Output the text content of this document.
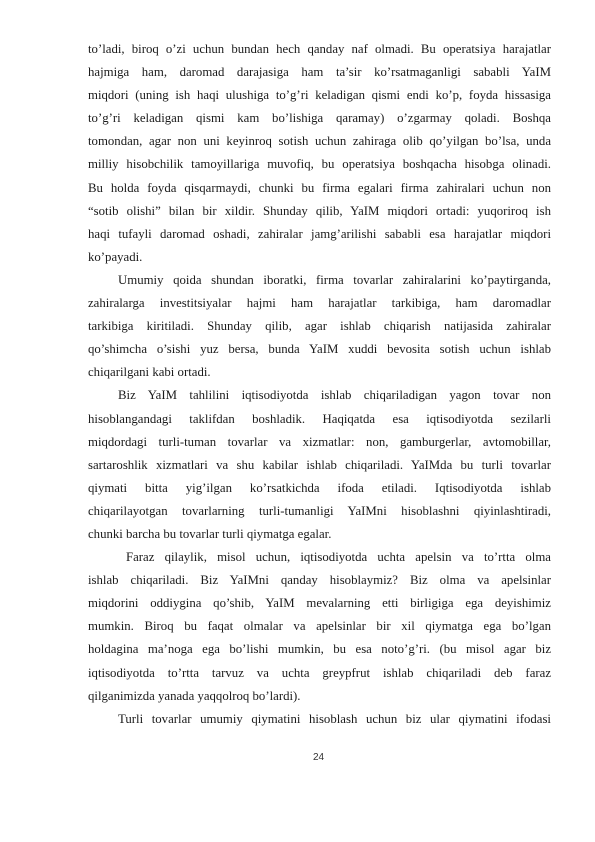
to’ladi, biroq o’zi uchun bundan hech qanday naf olmadi. Bu operatsiya harajatlar
hajmiga ham, daromad darajasiga ham ta’sir ko’rsatmaganligi sababli YaIM
miqdori (uning ish haqi ulushiga to’g’ri keladigan qismi endi ko’p, foyda hissasiga
to’g’ri keladigan qismi kam bo’lishiga qaramay) o’zgarmay qoladi. Boshqa
tomondan, agar non uni keyinroq sotish uchun zahiraga olib qo’yilgan bo’lsa, unda
milliy hisobchilik tamoyillariga muvofiq, bu operatsiya boshqacha hisobga olinadi.
Bu holda foyda qisqarmaydi, chunki bu firma egalari firma zahiralari uchun non
“sotib olishi” bilan bir xildir. Shunday qilib, YaIM miqdori ortadi: yuqoriroq ish
haqi tufayli daromad oshadi, zahiralar jamg’arilishi sababli esa harajatlar miqdori
ko’payadi.
Umumiy qoida shundan iboratki, firma tovarlar zahiralarini ko’paytirganda,
zahiralarga investitsiyalar hajmi ham harajatlar tarkibiga, ham daromadlar
tarkibiga kiritiladi. Shunday qilib, agar ishlab chiqarish natijasida zahiralar
qo’shimcha o’sishi yuz bersa, bunda YaIM xuddi bevosita sotish uchun ishlab
chiqarilgani kabi ortadi.
Biz YaIM tahlilini iqtisodiyotda ishlab chiqariladigan yagon tovar non
hisoblangandagi taklifdan boshladik. Haqiqatda esa iqtisodiyotda sezilarli
miqdordagi turli-tuman tovarlar va xizmatlar: non, gamburgerlar, avtomobillar,
sartaroshlik xizmatlari va shu kabilar ishlab chiqariladi. YaIMda bu turli tovarlar
qiymati bitta yig’ilgan ko’rsatkichda ifoda etiladi. Iqtisodiyotda ishlab
chiqarilayotgan tovarlarning turli-tumanligi YaIMni hisoblashni qiyinlashtiradi,
chunki barcha bu tovarlar turli qiymatga egalar.
Faraz qilaylik, misol uchun, iqtisodiyotda uchta apelsin va to’rtta olma
ishlab chiqariladi. Biz YaIMni qanday hisoblaymiz? Biz olma va apelsinlar
miqdorini oddiygina qo’shib, YaIM mevalarning etti birligiga ega deyishimiz
mumkin. Biroq bu faqat olmalar va apelsinlar bir xil qiymatga ega bo’lgan
holdagina ma’noga ega bo’lishi mumkin, bu esa noto’g’ri. (bu misol agar biz
iqtisodiyotda to’rtta tarvuz va uchta greypfrut ishlab chiqariladi deb faraz
qilganimizda yanada yaqqolroq bo’lardi).
Turli tovarlar umumiy qiymatini hisoblash uchun biz ular qiymatini ifodasi
24
